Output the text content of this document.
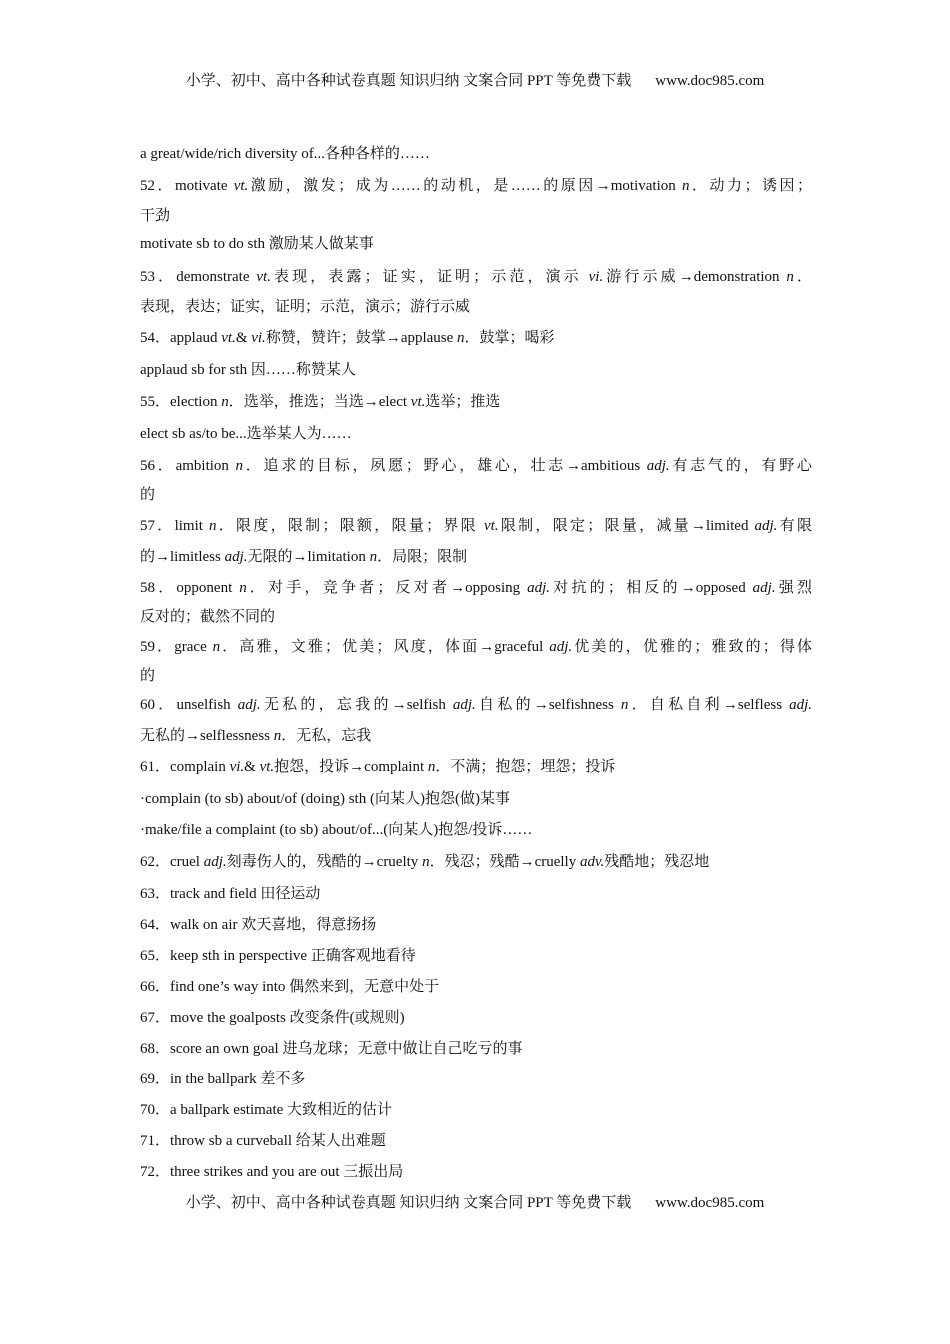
小学、初中、高中各种试卷真题 知识归纳 文案合同 PPT 等免费下载 www.doc985.com
a great/wide/rich diversity of...各种各样的……
52．motivate vt.激励，激发；成为……的动机，是……的原因→motivation n．动力；诱因；
干劲
motivate sb to do sth 激励某人做某事
53．demonstrate vt.表现，表露；证实，证明；示范，演示 vi.游行示威→demonstration n．
表现，表达；证实，证明；示范，演示；游行示威
54．applaud vt.& vi.称赞，赞许；鼓掌→applause n．鼓掌；喝彩
applaud sb for sth 因……称赞某人
55．election n．选举，推选；当选→elect vt.选举；推选
elect sb as/to be...选举某人为……
56．ambition n．追求的目标，夙愿；野心，雄心，壮志→ambitious adj.有志气的，有野心
的
57．limit n．限度，限制；限额，限量；界限 vt.限制，限定；限量，减量→limited adj.有限
的→limitless adj.无限的→limitation n．局限；限制
58．opponent n．对手，竞争者；反对者→opposing adj.对抗的；相反的→opposed adj.强烈
反对的；截然不同的
59．grace n．高雅，文雅；优美；风度，体面→graceful adj.优美的，优雅的；雅致的；得体
的
60．unselfish adj.无私的，忘我的→selfish adj.自私的→selfishness n．自私自利→selfless adj.
无私的→selflessness n．无私，忘我
61．complain vi.& vt.抱怨，投诉→complaint n．不满；抱怨；埋怨；投诉
·complain (to sb) about/of (doing) sth (向某人)抱怨(做)某事
·make/file a complaint (to sb) about/of...(向某人)抱怨/投诉……
62．cruel adj.刻毒伤人的，残酷的→cruelty n．残忍；残酷→cruelly adv.残酷地；残忍地
63．track and field 田径运动
64．walk on air 欢天喜地，得意扬扬
65．keep sth in perspective 正确客观地看待
66．find one’s way into 偶然来到，无意中处于
67．move the goalposts 改变条件(或规则)
68．score an own goal 进乌龙球；无意中做让自己吃亏的事
69．in the ballpark 差不多
70．a ballpark estimate 大致相近的估计
71．throw sb a curveball 给某人出难题
72．three strikes and you are out 三振出局
小学、初中、高中各种试卷真题 知识归纳 文案合同 PPT 等免费下载 www.doc985.com
